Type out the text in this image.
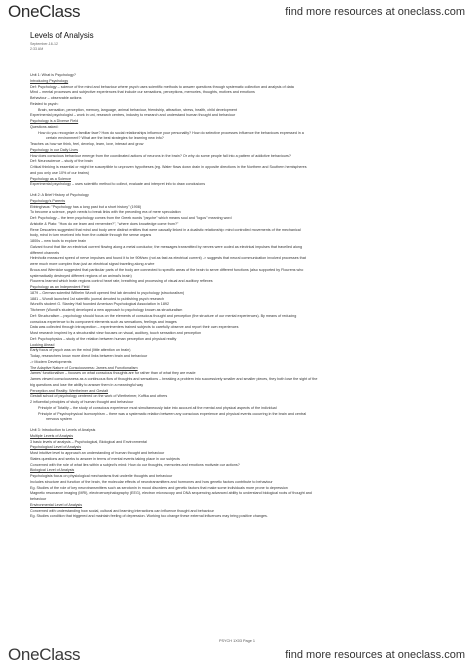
OneClass	find more resources at oneclass.com
Levels of Analysis
September-16-12
2:33 AM
Unit 1: What is Psychology?
Introducing Psychology
Def: Psychology – science of the mind and behaviour where psych uses scientific methods to answer questions through systematic collection and analysis of data
Mind – mental processes and subjective experiences that include our sensations, perceptions, memories, thoughts, motives and emotions
Behaviour – observable actions
Related to psych:
Brain, sensation, perception, memory, language, animal behaviour, friendship, attraction, stress, health, child development
Experimental psychologist – work in uni, research centres, industry to research and understand human thought and behaviour
Psychology is a Diverse Field
Questions asked:
How do you recognize a familiar face? How do social relationships influence your personality? How do selective processes influence the behaviours expressed in a
certain environment? What are the best strategies for learning new info?
Teaches us how we think, feel, develop, learn, love, interact and grow
Psychology in our Daily Lives
How does conscious behaviour emerge from the coordinated actions of neurons in the brain? Or why do some people fall into a pattern of addictive behaviours?
Def: Neuroscience – study of the brain
Critical thinking is essential or might be susceptible to unproven hypotheses (eg. Water flows down drain in opposite directions in the Northern and Southern hemispheres
and you only use 10% of our brains)
Psychology as a Science
Experimental psychology – uses scientific method to collect, evaluate and interpret info to draw conclusions
Unit 2: A Brief History of Psychology
Psychology's Parents
Ebbinghaus: "Psychology has a long past but a short history" (1908)
To become a science, psych needs to break links with the preceding era of mere speculation
Def: Psychology – the term psychology comes from the Greek words "psyche" which means soul and "logos" meaning word
Aristotle & Plato: "How do we learn and remember?", "where does knowledge come from?"
Rene Descartes suggested that mind and body were distinct entities that were causally linked in a dualistic relationship: mind controlled movements of the mechanical
body, mind in turn received info from the outside through the sense organs
1800s – new tools to explore brain
Galvani found that like an electrical current flowing along a metal conductor, the messages transmitted by nerves were coded as electrical impulses that travelled along
different channels
Helmholtz measured speed of nerve impulses and found it to be 90ft/sec (not as fast as electrical current) -> suggests that neural communication involved processes that
were much more complex than just an electrical signal traveling along a wire
Broca and Wernicke suggested that particular parts of the body are connected to specific areas of the brain to serve different functions (also supported by Flourens who
systematically destroyed different regions of an animal's brain)
Flourens learned which brain regions control heart rate, breathing and processing of visual and auditory reflexes
Psychology as an Independent Field
1879 – German scientist Wilhelm Wundt opened first lab devoted to psychology (structuralism)
1881 – Wundt launched 1st scientific journal devoted to publishing psych research
Wundt's student G. Stanley Hall founded American Psychological Association in 1892
Titchener (Wundt's student) developed a new approach to psychology known as structuralism
Def: Structuralism – psychology should focus on the elements of conscious thought and perception (the structure of our mental experiences). By means of reducing
conscious experience to its component elements such as sensations, feelings and images
Data was collected through introspection – experimenters trained subjects to carefully observe and report their own experiences
Most research inspired by a structuralist view focuses on visual, auditory, touch sensation and perception
Def: Psychophysics – study of the relation between human perception and physical reality
Looking Ahead
Early focus of psych was on the mind (little attention on brain)
Today, researchers know more direct links between brain and behaviour
-> Modern Developments
The Adaptive Nature of Consciousness: James and Functionalism
James' functionalism – focuses on what conscious thoughts are for rather than of what they are made
James viewed consciousness as a continuous flow of thoughts and sensations – breaking a problem into successively smaller and smaller pieces, they both lose the sight of the
big questions and lose the ability to answer them in a meaningful way
Perception and Reality: Wertheimer and Gestalt
Gestalt school of psychology centered on the work of Wertheimer, Koffka and others
2 influential principles of study of human thought and behaviour
Principle of Totality – the study of conscious experience must simultaneously take into account all the mental and physical aspects of the individual
Principle of Psychophysical Isomorphism – there was a systematic relation between any conscious experience and physical events occurring in the brain and central
nervous system
Unit 3: Introduction to Levels of Analysis
Multiple Levels of Analysis
3 basic levels of analysis – Psychological, Biological and Environmental
Psychological Level of Analysis
Most intuitive level to approach an understanding of human thought and behaviour
States questions and seeks to answer in terms of mental events taking place in our subjects
Concerned with the role of what lies within a subject's mind: How do our thoughts, memories and emotions motivate our actions?
Biological Level of Analysis
Psychologists focus on physiological mechanisms that underlie thoughts and behaviour
Includes structure and function of the brain, the molecular effects of neurotransmitters and hormones and how genetic factors contribute to behaviour
Eg. Studies of the role of key neurotransmitters such as serotonin in mood disorders and genetic factors that make some individuals more prone to depression
Magnetic resonance imaging (MRI), electroencephalography (EEG), electron microscopy and DNA sequencing advanced ability to understand biological roots of thought and
behaviour
Environmental Level of Analysis
Concerned with understanding how social, cultural and learning interactions can influence thought and behaviour
Eg. Studies condition that triggered and maintain feeling of depression. Working too change these external influences may bring positive changes.
PSYCH 1X03 Page 1
OneClass	find more resources at oneclass.com
